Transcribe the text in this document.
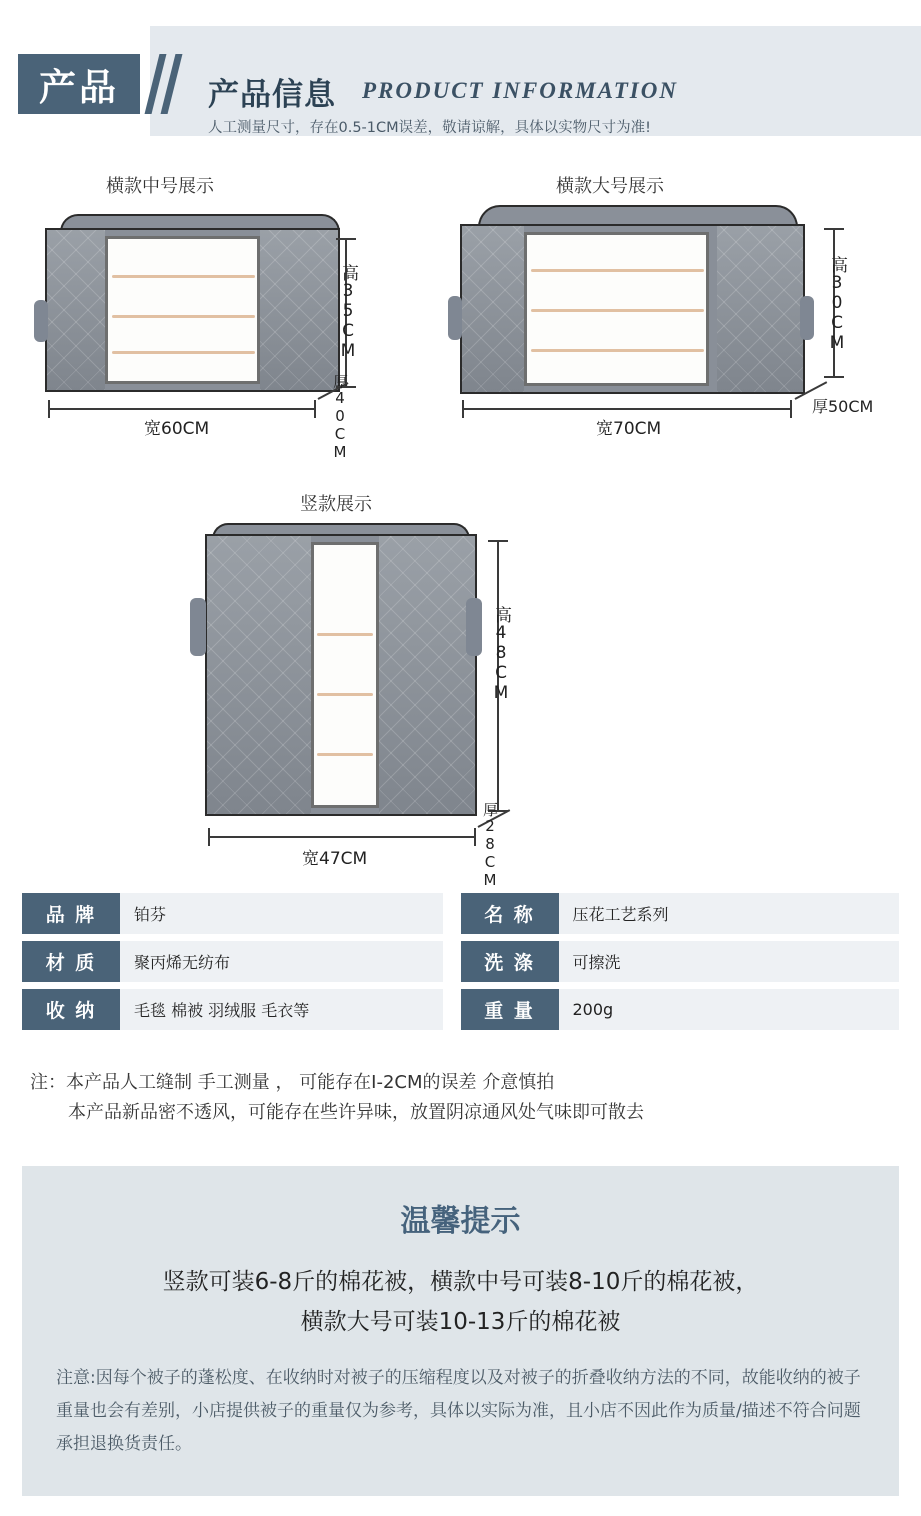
产品	产品信息 PRODUCT INFORMATION
人工测量尺寸，存在0.5-1CM误差，敬请谅解，具体以实物尺寸为准!
横款中号展示
高35CM
宽60CM	厚40CM
横款大号展示
高30CM
宽70CM
厚50CM
竖款展示
高48CM
宽47CM	厚28CM
品 牌	铂芬	名 称	压花工艺系列
材 质	聚丙烯无纺布	洗 涤	可擦洗
收 纳	毛毯 棉被 羽绒服 毛衣等	重 量	200g
注：本产品人工缝制 手工测量 ， 可能存在I-2CM的误差 介意慎拍
本产品新品密不透风，可能存在些许异味，放置阴凉通风处气味即可散去
温馨提示
竖款可装6-8斤的棉花被，横款中号可装8-10斤的棉花被，
横款大号可装10-13斤的棉花被
注意:因每个被子的蓬松度、在收纳时对被子的压缩程度以及对被子的折叠收纳方法的不同，故能收纳的被子重量也会有差别，小店提供被子的重量仅为参考，具体以实际为准，且小店不因此作为质量/描述不符合问题承担退换货责任。
